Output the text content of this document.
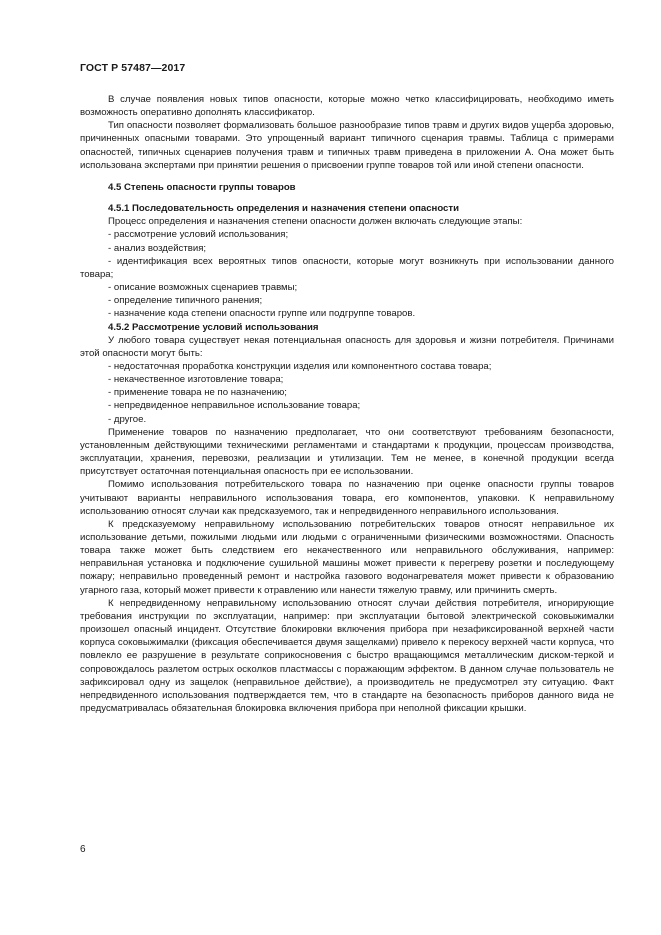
ГОСТ Р 57487—2017

В случае появления новых типов опасности, которые можно четко классифицировать, необходимо иметь возможность оперативно дополнять классификатор.

Тип опасности позволяет формализовать большое разнообразие типов травм и других видов ущерба здоровью, причиненных опасными товарами. Это упрощенный вариант типичного сценария травмы. Таблица с примерами опасностей, типичных сценариев получения травм и типичных травм приведена в приложении А. Она может быть использована экспертами при принятии решения о присвоении группе товаров той или иной степени опасности.

4.5 Степень опасности группы товаров

4.5.1 Последовательность определения и назначения степени опасности

Процесс определения и назначения степени опасности должен включать следующие этапы:

- рассмотрение условий использования;

- анализ воздействия;

- идентификация всех вероятных типов опасности, которые могут возникнуть при использовании данного товара;

- описание возможных сценариев травмы;

- определение типичного ранения;

- назначение кода степени опасности группе или подгруппе товаров.

4.5.2 Рассмотрение условий использования

У любого товара существует некая потенциальная опасность для здоровья и жизни потребителя. Причинами этой опасности могут быть:

- недостаточная проработка конструкции изделия или компонентного состава товара;

- некачественное изготовление товара;

- применение товара не по назначению;

- непредвиденное неправильное использование товара;

- другое.

Применение товаров по назначению предполагает, что они соответствуют требованиям безопасности, установленным действующими техническими регламентами и стандартами к продукции, процессам производства, эксплуатации, хранения, перевозки, реализации и утилизации. Тем не менее, в конечной продукции всегда присутствует остаточная потенциальная опасность при ее использовании.

Помимо использования потребительского товара по назначению при оценке опасности группы товаров учитывают варианты неправильного использования товара, его компонентов, упаковки. К неправильному использованию относят случаи как предсказуемого, так и непредвиденного неправильного использования.

К предсказуемому неправильному использованию потребительских товаров относят неправильное их использование детьми, пожилыми людьми или людьми с ограниченными физическими возможностями. Опасность товара также может быть следствием его некачественного или неправильного обслуживания, например: неправильная установка и подключение сушильной машины может привести к перегреву розетки и последующему пожару; неправильно проведенный ремонт и настройка газового водонагревателя может привести к образованию угарного газа, который может привести к отравлению или нанести тяжелую травму, или причинить смерть.

К непредвиденному неправильному использованию относят случаи действия потребителя, игнорирующие требования инструкции по эксплуатации, например: при эксплуатации бытовой электрической соковыжималки произошел опасный инцидент. Отсутствие блокировки включения прибора при незафиксированной верхней части корпуса соковыжималки (фиксация обеспечивается двумя защелками) привело к перекосу верхней части корпуса, что повлекло ее разрушение в результате соприкосновения с быстро вращающимся металлическим диском-теркой и сопровождалось разлетом острых осколков пластмассы с поражающим эффектом. В данном случае пользователь не зафиксировал одну из защелок (неправильное действие), а производитель не предусмотрел эту ситуацию. Факт непредвиденного использования подтверждается тем, что в стандарте на безопасность приборов данного вида не предусматривалась обязательная блокировка включения прибора при неполной фиксации крышки.

6
